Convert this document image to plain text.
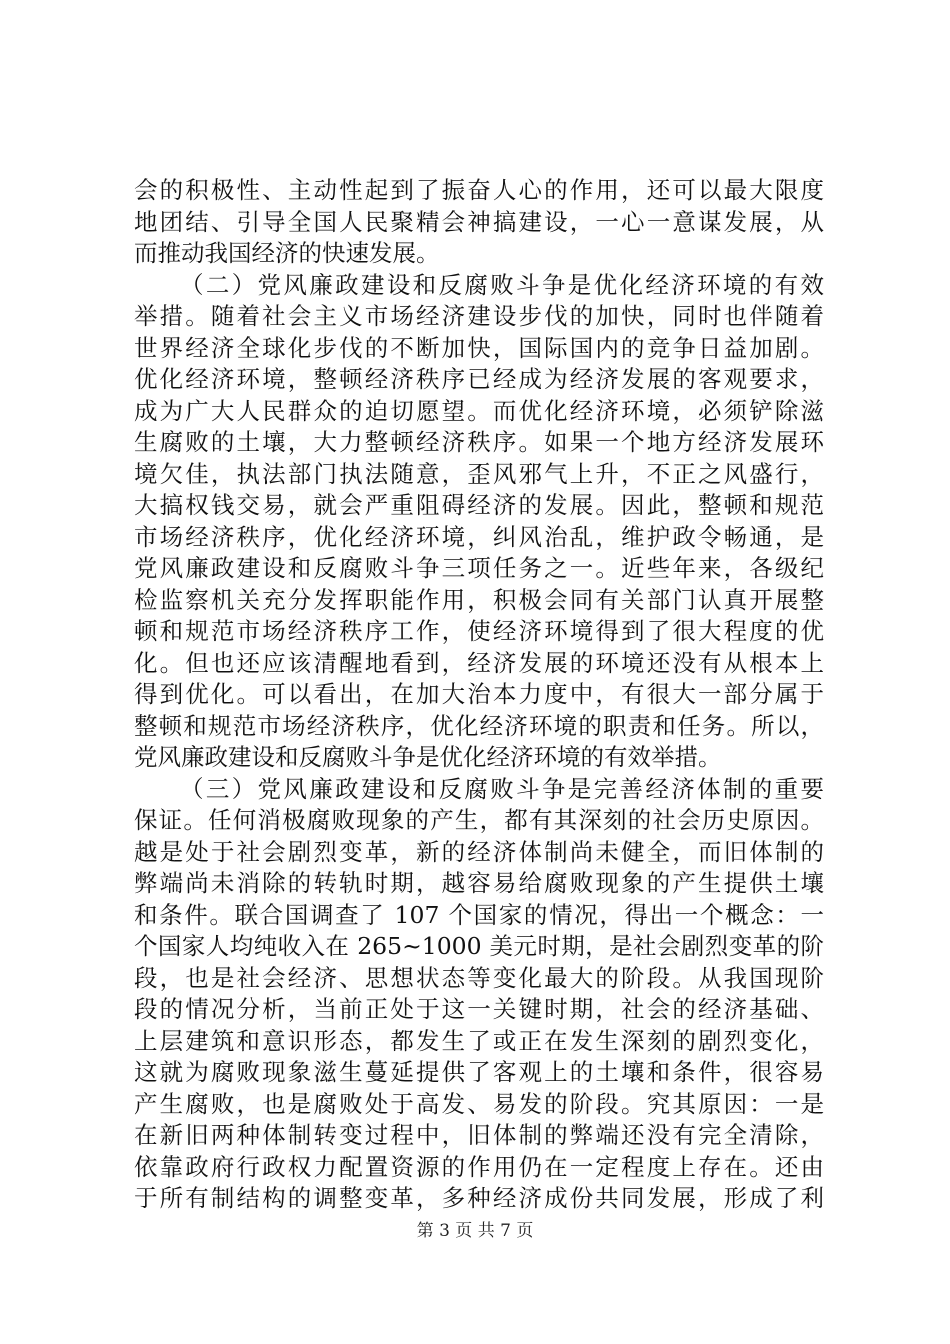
会的积极性、主动性起到了振奋人心的作用，还可以最大限度
地团结、引导全国人民聚精会神搞建设，一心一意谋发展，从
而推动我国经济的快速发展。
（二）党风廉政建设和反腐败斗争是优化经济环境的有效
举措。随着社会主义市场经济建设步伐的加快，同时也伴随着
世界经济全球化步伐的不断加快，国际国内的竞争日益加剧。
优化经济环境，整顿经济秩序已经成为经济发展的客观要求，
成为广大人民群众的迫切愿望。而优化经济环境，必须铲除滋
生腐败的土壤，大力整顿经济秩序。如果一个地方经济发展环
境欠佳，执法部门执法随意，歪风邪气上升，不正之风盛行，
大搞权钱交易，就会严重阻碍经济的发展。因此，整顿和规范
市场经济秩序，优化经济环境，纠风治乱，维护政令畅通，是
党风廉政建设和反腐败斗争三项任务之一。近些年来，各级纪
检监察机关充分发挥职能作用，积极会同有关部门认真开展整
顿和规范市场经济秩序工作，使经济环境得到了很大程度的优
化。但也还应该清醒地看到，经济发展的环境还没有从根本上
得到优化。可以看出，在加大治本力度中，有很大一部分属于
整顿和规范市场经济秩序，优化经济环境的职责和任务。所以，
党风廉政建设和反腐败斗争是优化经济环境的有效举措。
（三）党风廉政建设和反腐败斗争是完善经济体制的重要
保证。任何消极腐败现象的产生，都有其深刻的社会历史原因。
越是处于社会剧烈变革，新的经济体制尚未健全，而旧体制的
弊端尚未消除的转轨时期，越容易给腐败现象的产生提供土壤
和条件。联合国调查了 107 个国家的情况，得出一个概念：一
个国家人均纯收入在 265~1000 美元时期，是社会剧烈变革的阶
段，也是社会经济、思想状态等变化最大的阶段。从我国现阶
段的情况分析，当前正处于这一关键时期，社会的经济基础、
上层建筑和意识形态，都发生了或正在发生深刻的剧烈变化，
这就为腐败现象滋生蔓延提供了客观上的土壤和条件，很容易
产生腐败，也是腐败处于高发、易发的阶段。究其原因：一是
在新旧两种体制转变过程中，旧体制的弊端还没有完全清除，
依靠政府行政权力配置资源的作用仍在一定程度上存在。还由
于所有制结构的调整变革，多种经济成份共同发展，形成了利
第 3 页 共 7 页
